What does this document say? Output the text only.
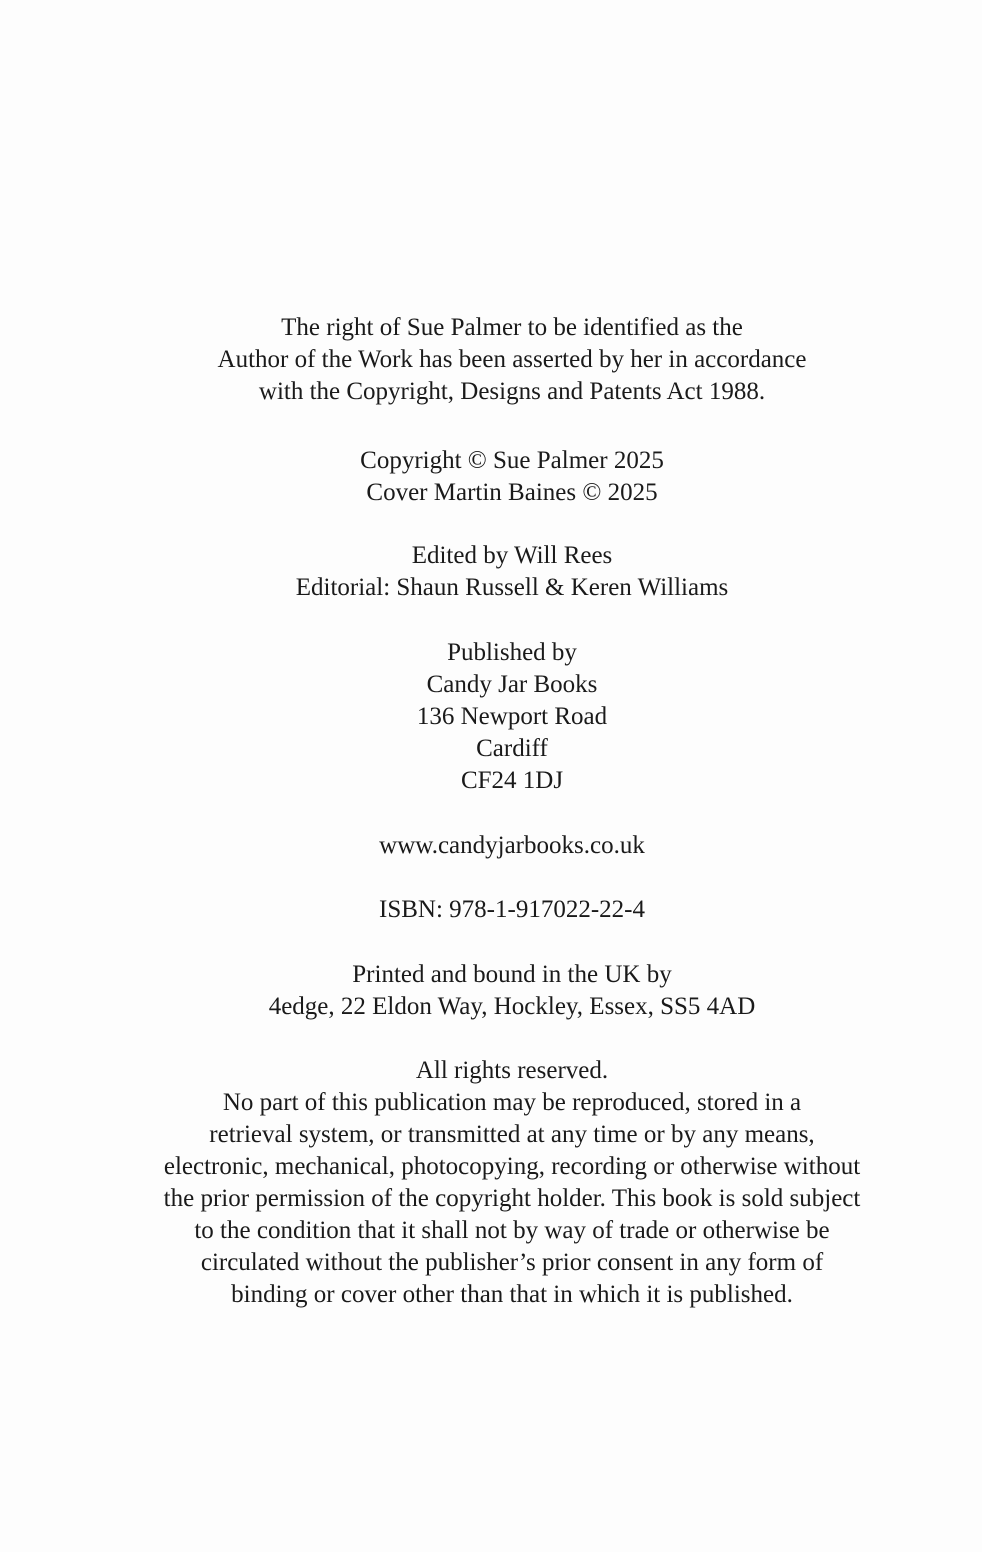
The right of Sue Palmer to be identified as the
Author of the Work has been asserted by her in accordance
with the Copyright, Designs and Patents Act 1988.
Copyright © Sue Palmer 2025
Cover Martin Baines © 2025
Edited by Will Rees
Editorial: Shaun Russell & Keren Williams
Published by
Candy Jar Books
136 Newport Road
Cardiff
CF24 1DJ
www.candyjarbooks.co.uk
ISBN: 978-1-917022-22-4
Printed and bound in the UK by
4edge, 22 Eldon Way, Hockley, Essex, SS5 4AD
All rights reserved.
No part of this publication may be reproduced, stored in a
retrieval system, or transmitted at any time or by any means,
electronic, mechanical, photocopying, recording or otherwise without
the prior permission of the copyright holder. This book is sold subject
to the condition that it shall not by way of trade or otherwise be
circulated without the publisher’s prior consent in any form of
binding or cover other than that in which it is published.
